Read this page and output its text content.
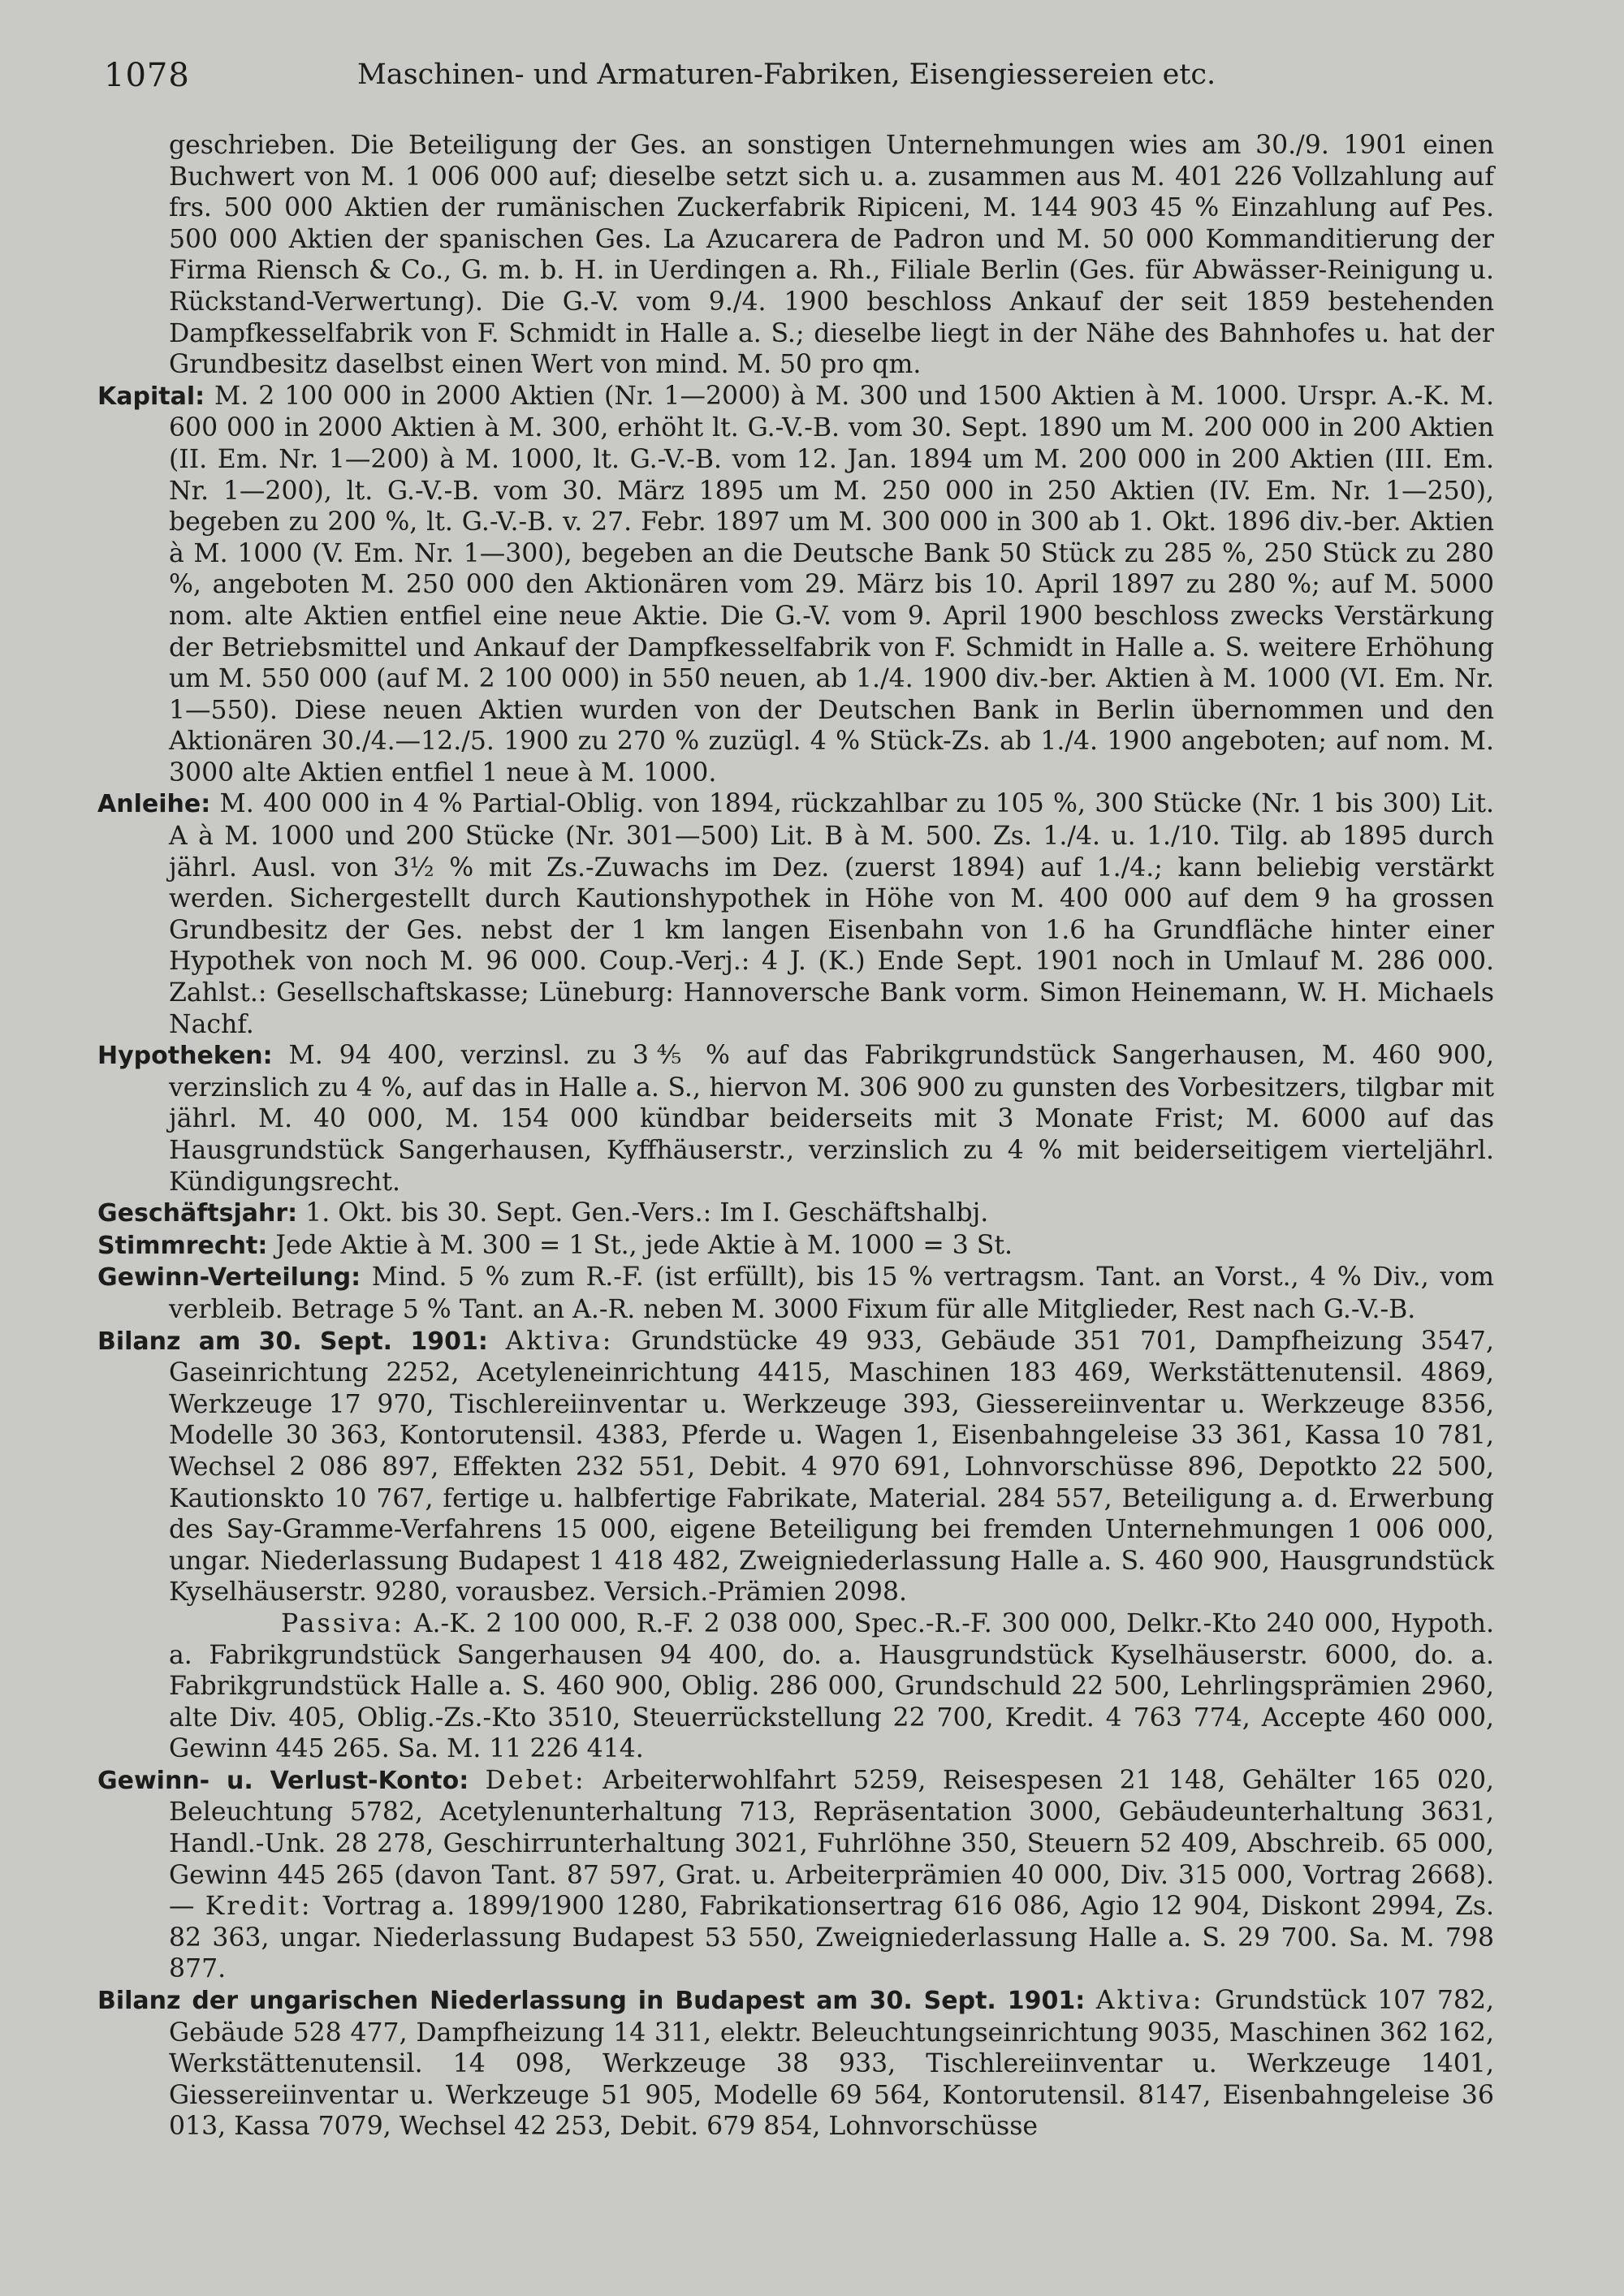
1078	Maschinen- und Armaturen-Fabriken, Eisengiessereien etc.

geschrieben. Die Beteiligung der Ges. an sonstigen Unternehmungen wies am 30./9. 1901 einen Buchwert von M. 1 006 000 auf; dieselbe setzt sich u. a. zusammen aus M. 401 226 Vollzahlung auf frs. 500 000 Aktien der rumänischen Zuckerfabrik Ripiceni, M. 144 903 45 % Einzahlung auf Pes. 500 000 Aktien der spanischen Ges. La Azucarera de Padron und M. 50 000 Kommanditierung der Firma Riensch & Co., G. m. b. H. in Uerdingen a. Rh., Filiale Berlin (Ges. für Abwässer-Reinigung u. Rückstand-Verwertung). Die G.-V. vom 9./4. 1900 beschloss Ankauf der seit 1859 bestehenden Dampfkesselfabrik von F. Schmidt in Halle a. S.; dieselbe liegt in der Nähe des Bahnhofes u. hat der Grundbesitz daselbst einen Wert von mind. M. 50 pro qm.

Kapital: M. 2 100 000 in 2000 Aktien (Nr. 1—2000) à M. 300 und 1500 Aktien à M. 1000. Urspr. A.-K. M. 600 000 in 2000 Aktien à M. 300, erhöht lt. G.-V.-B. vom 30. Sept. 1890 um M. 200 000 in 200 Aktien (II. Em. Nr. 1—200) à M. 1000, lt. G.-V.-B. vom 12. Jan. 1894 um M. 200 000 in 200 Aktien (III. Em. Nr. 1—200), lt. G.-V.-B. vom 30. März 1895 um M. 250 000 in 250 Aktien (IV. Em. Nr. 1—250), begeben zu 200 %, lt. G.-V.-B. v. 27. Febr. 1897 um M. 300 000 in 300 ab 1. Okt. 1896 div.-ber. Aktien à M. 1000 (V. Em. Nr. 1—300), begeben an die Deutsche Bank 50 Stück zu 285 %, 250 Stück zu 280 %, angeboten M. 250 000 den Aktionären vom 29. März bis 10. April 1897 zu 280 %; auf M. 5000 nom. alte Aktien entfiel eine neue Aktie. Die G.-V. vom 9. April 1900 beschloss zwecks Verstärkung der Betriebsmittel und Ankauf der Dampfkesselfabrik von F. Schmidt in Halle a. S. weitere Erhöhung um M. 550 000 (auf M. 2 100 000) in 550 neuen, ab 1./4. 1900 div.-ber. Aktien à M. 1000 (VI. Em. Nr. 1—550). Diese neuen Aktien wurden von der Deutschen Bank in Berlin übernommen und den Aktionären 30./4.—12./5. 1900 zu 270 % zuzügl. 4 % Stück-Zs. ab 1./4. 1900 angeboten; auf nom. M. 3000 alte Aktien entfiel 1 neue à M. 1000.

Anleihe: M. 400 000 in 4 % Partial-Oblig. von 1894, rückzahlbar zu 105 %, 300 Stücke (Nr. 1 bis 300) Lit. A à M. 1000 und 200 Stücke (Nr. 301—500) Lit. B à M. 500. Zs. 1./4. u. 1./10. Tilg. ab 1895 durch jährl. Ausl. von 3½ % mit Zs.-Zuwachs im Dez. (zuerst 1894) auf 1./4.; kann beliebig verstärkt werden. Sichergestellt durch Kautionshypothek in Höhe von M. 400 000 auf dem 9 ha grossen Grundbesitz der Ges. nebst der 1 km langen Eisenbahn von 1.6 ha Grundfläche hinter einer Hypothek von noch M. 96 000. Coup.-Verj.: 4 J. (K.) Ende Sept. 1901 noch in Umlauf M. 286 000. Zahlst.: Gesellschaftskasse; Lüneburg: Hannoversche Bank vorm. Simon Heinemann, W. H. Michaels Nachf.

Hypotheken: M. 94 400, verzinsl. zu 3⅘ % auf das Fabrikgrundstück Sangerhausen, M. 460 900, verzinslich zu 4 %, auf das in Halle a. S., hiervon M. 306 900 zu gunsten des Vorbesitzers, tilgbar mit jährl. M. 40 000, M. 154 000 kündbar beiderseits mit 3 Monate Frist; M. 6000 auf das Hausgrundstück Sangerhausen, Kyffhäuserstr., verzinslich zu 4 % mit beiderseitigem vierteljährl. Kündigungsrecht.

Geschäftsjahr: 1. Okt. bis 30. Sept. Gen.-Vers.: Im I. Geschäftshalbj.

Stimmrecht: Jede Aktie à M. 300 = 1 St., jede Aktie à M. 1000 = 3 St.

Gewinn-Verteilung: Mind. 5 % zum R.-F. (ist erfüllt), bis 15 % vertragsm. Tant. an Vorst., 4 % Div., vom verbleib. Betrage 5 % Tant. an A.-R. neben M. 3000 Fixum für alle Mitglieder, Rest nach G.-V.-B.

Bilanz am 30. Sept. 1901: Aktiva: Grundstücke 49 933, Gebäude 351 701, Dampfheizung 3547, Gaseinrichtung 2252, Acetyleneinrichtung 4415, Maschinen 183 469, Werkstättenutensil. 4869, Werkzeuge 17 970, Tischlereiinventar u. Werkzeuge 393, Giessereiinventar u. Werkzeuge 8356, Modelle 30 363, Kontorutensil. 4383, Pferde u. Wagen 1, Eisenbahngeleise 33 361, Kassa 10 781, Wechsel 2 086 897, Effekten 232 551, Debit. 4 970 691, Lohnvorschüsse 896, Depotkto 22 500, Kautionskto 10 767, fertige u. halbfertige Fabrikate, Material. 284 557, Beteiligung a. d. Erwerbung des Say-Gramme-Verfahrens 15 000, eigene Beteiligung bei fremden Unternehmungen 1 006 000, ungar. Niederlassung Budapest 1 418 482, Zweigniederlassung Halle a. S. 460 900, Hausgrundstück Kyselhäuserstr. 9280, vorausbez. Versich.-Prämien 2098.

Passiva: A.-K. 2 100 000, R.-F. 2 038 000, Spec.-R.-F. 300 000, Delkr.-Kto 240 000, Hypoth. a. Fabrikgrundstück Sangerhausen 94 400, do. a. Hausgrundstück Kyselhäuserstr. 6000, do. a. Fabrikgrundstück Halle a. S. 460 900, Oblig. 286 000, Grundschuld 22 500, Lehrlingsprämien 2960, alte Div. 405, Oblig.-Zs.-Kto 3510, Steuerrückstellung 22 700, Kredit. 4 763 774, Accepte 460 000, Gewinn 445 265. Sa. M. 11 226 414.

Gewinn- u. Verlust-Konto: Debet: Arbeiterwohlfahrt 5259, Reisespesen 21 148, Gehälter 165 020, Beleuchtung 5782, Acetylenunterhaltung 713, Repräsentation 3000, Gebäudeunterhaltung 3631, Handl.-Unk. 28 278, Geschirrunterhaltung 3021, Fuhrlöhne 350, Steuern 52 409, Abschreib. 65 000, Gewinn 445 265 (davon Tant. 87 597, Grat. u. Arbeiterprämien 40 000, Div. 315 000, Vortrag 2668). — Kredit: Vortrag a. 1899/1900 1280, Fabrikationsertrag 616 086, Agio 12 904, Diskont 2994, Zs. 82 363, ungar. Niederlassung Budapest 53 550, Zweigniederlassung Halle a. S. 29 700. Sa. M. 798 877.

Bilanz der ungarischen Niederlassung in Budapest am 30. Sept. 1901: Aktiva: Grundstück 107 782, Gebäude 528 477, Dampfheizung 14 311, elektr. Beleuchtungseinrichtung 9035, Maschinen 362 162, Werkstättenutensil. 14 098, Werkzeuge 38 933, Tischlereiinventar u. Werkzeuge 1401, Giessereiinventar u. Werkzeuge 51 905, Modelle 69 564, Kontorutensil. 8147, Eisenbahngeleise 36 013, Kassa 7079, Wechsel 42 253, Debit. 679 854, Lohnvorschüsse
